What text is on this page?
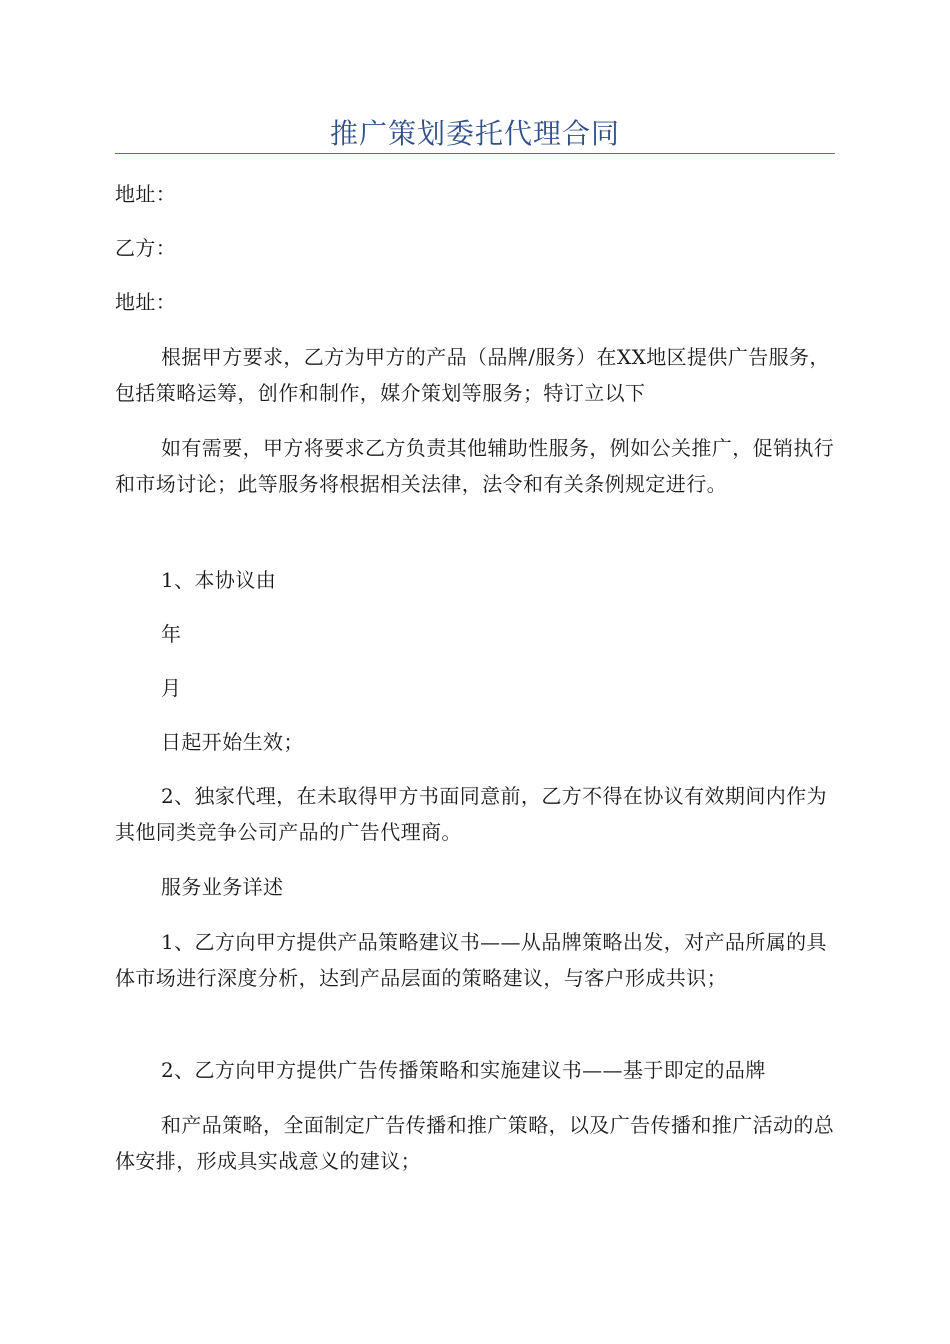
推广策划委托代理合同

地址：

乙方：

地址：

根据甲方要求，乙方为甲方的产品（品牌/服务）在XX地区提供广告服务，包括策略运筹，创作和制作，媒介策划等服务；特订立以下

如有需要，甲方将要求乙方负责其他辅助性服务，例如公关推广，促销执行和市场讨论；此等服务将根据相关法律，法令和有关条例规定进行。

1、本协议由

年

月

日起开始生效；

2、独家代理，在未取得甲方书面同意前，乙方不得在协议有效期间内作为其他同类竞争公司产品的广告代理商。

服务业务详述

1、乙方向甲方提供产品策略建议书——从品牌策略出发，对产品所属的具体市场进行深度分析，达到产品层面的策略建议，与客户形成共识；

2、乙方向甲方提供广告传播策略和实施建议书——基于即定的品牌

和产品策略，全面制定广告传播和推广策略，以及广告传播和推广活动的总体安排，形成具实战意义的建议；
